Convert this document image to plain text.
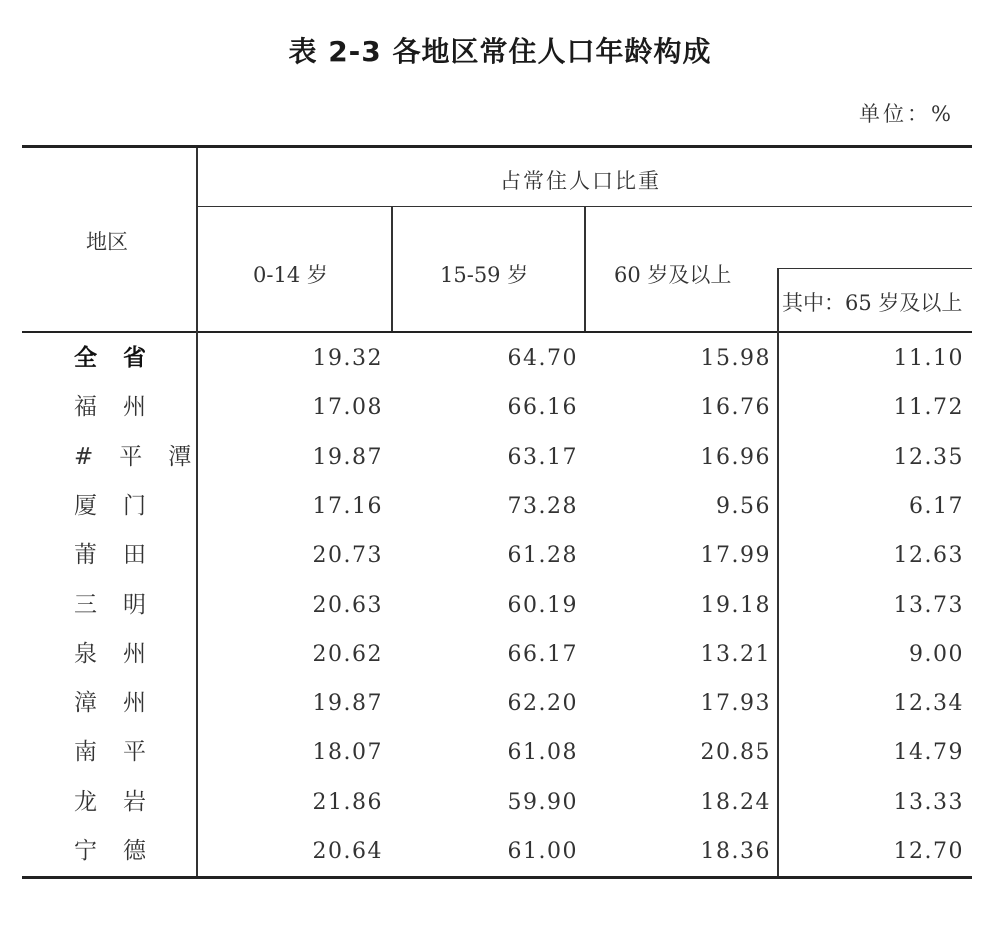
表 2-3 各地区常住人口年龄构成
单位：%
地区
占常住人口比重
0-14 岁	15-59 岁	60 岁及以上
其中：65 岁及以上
全省	19.32	64.70	15.98	11.10
福州	17.08	66.16	16.76	11.72
#平潭	19.87	63.17	16.96	12.35
厦门	17.16	73.28	9.56	6.17
莆田	20.73	61.28	17.99	12.63
三明	20.63	60.19	19.18	13.73
泉州	20.62	66.17	13.21	9.00
漳州	19.87	62.20	17.93	12.34
南平	18.07	61.08	20.85	14.79
龙岩	21.86	59.90	18.24	13.33
宁德	20.64	61.00	18.36	12.70
